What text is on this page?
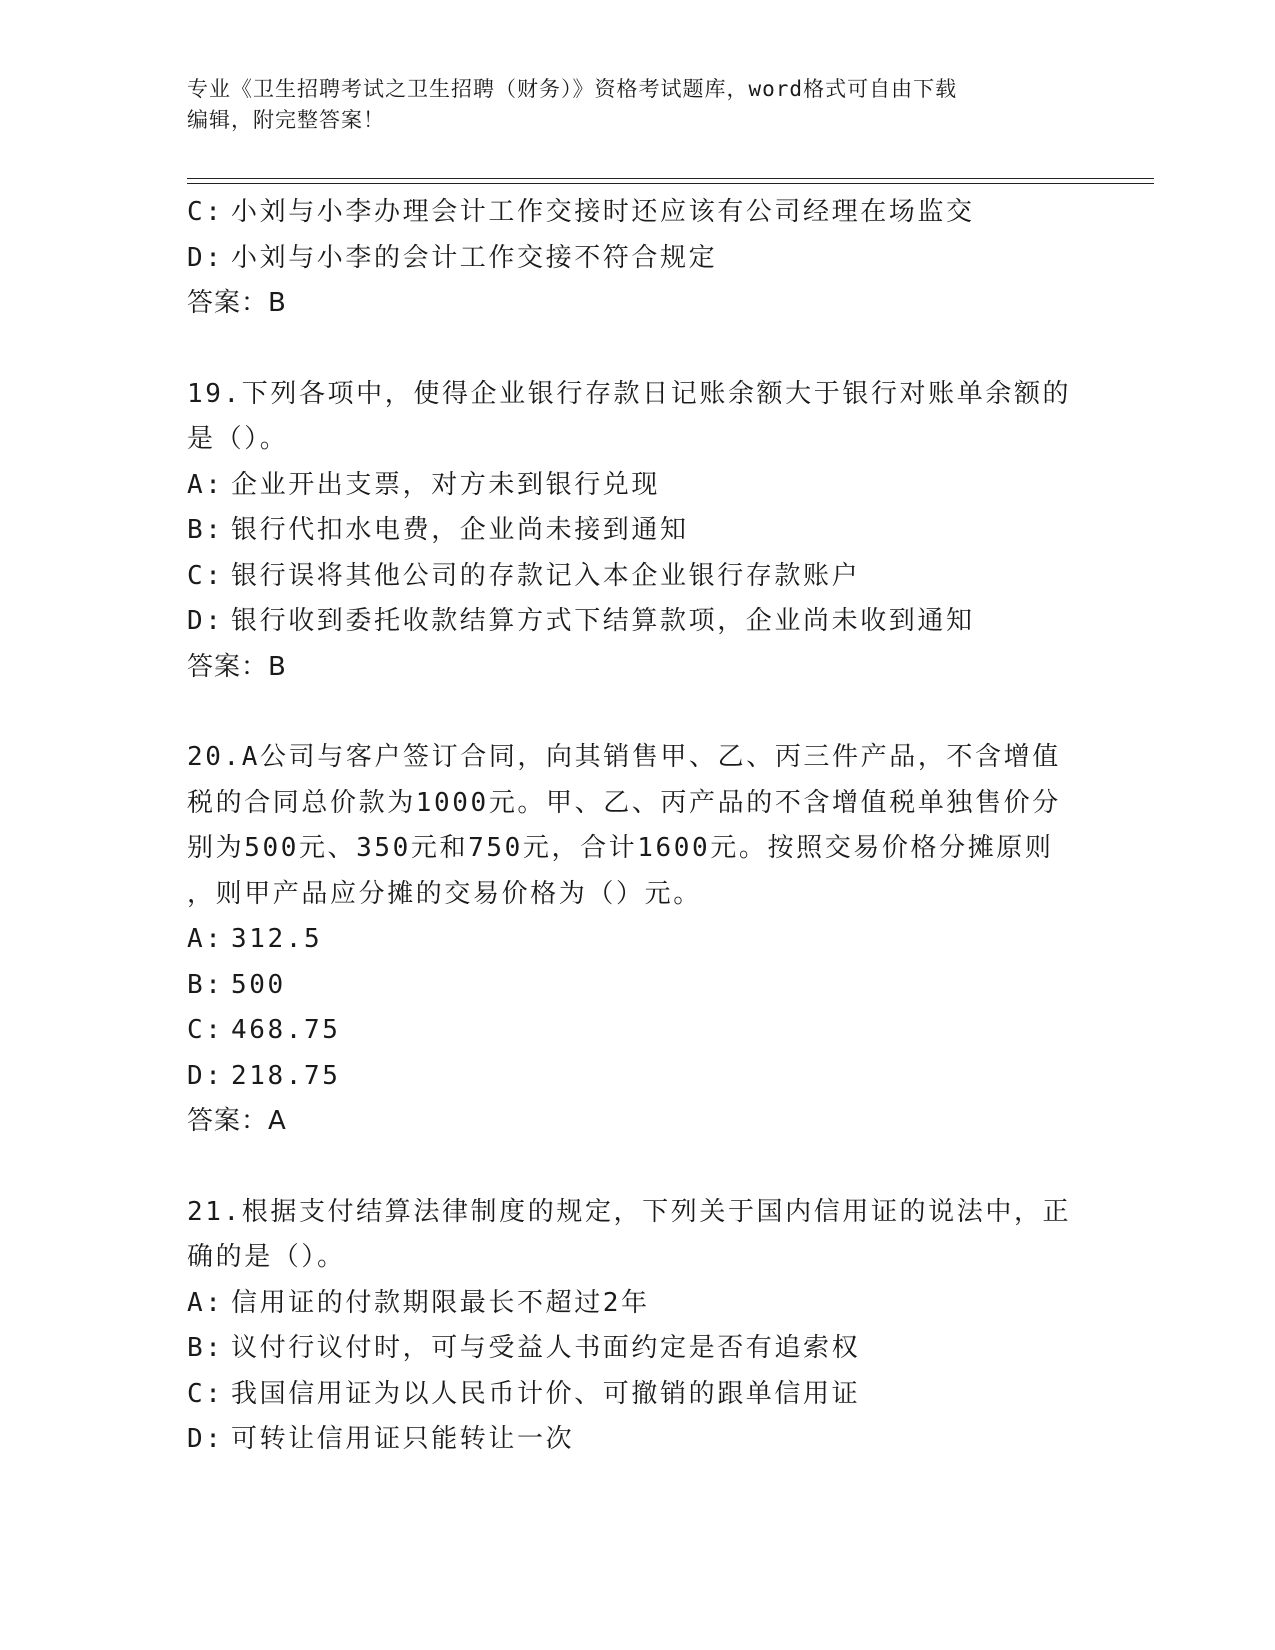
专业《卫生招聘考试之卫生招聘（财务）》资格考试题库，word格式可自由下载
编辑，附完整答案！
C: 小刘与小李办理会计工作交接时还应该有公司经理在场监交
D: 小刘与小李的会计工作交接不符合规定
答案：B
19.下列各项中，使得企业银行存款日记账余额大于银行对账单余额的
是（）。
A: 企业开出支票，对方未到银行兑现
B: 银行代扣水电费，企业尚未接到通知
C: 银行误将其他公司的存款记入本企业银行存款账户
D: 银行收到委托收款结算方式下结算款项，企业尚未收到通知
答案：B
20.A公司与客户签订合同，向其销售甲、乙、丙三件产品，不含增值
税的合同总价款为1000元。甲、乙、丙产品的不含增值税单独售价分
别为500元、350元和750元，合计1600元。按照交易价格分摊原则
，则甲产品应分摊的交易价格为（）元。
A: 312.5
B: 500
C: 468.75
D: 218.75
答案：A
21.根据支付结算法律制度的规定，下列关于国内信用证的说法中，正
确的是（）。
A: 信用证的付款期限最长不超过2年
B: 议付行议付时，可与受益人书面约定是否有追索权
C: 我国信用证为以人民币计价、可撤销的跟单信用证
D: 可转让信用证只能转让一次
